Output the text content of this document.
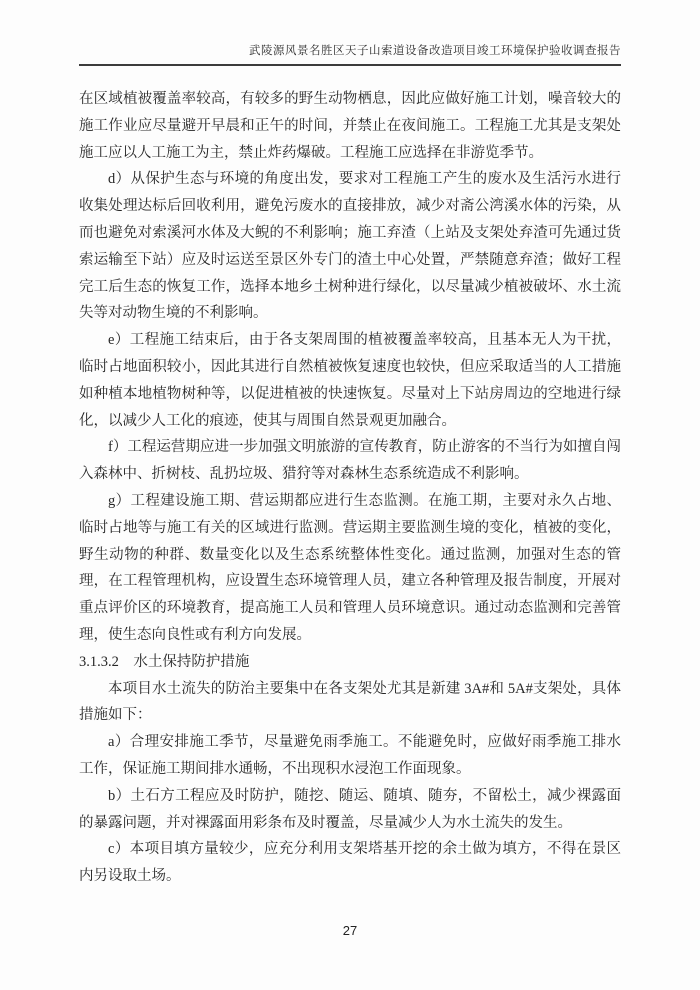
武陵源风景名胜区天子山索道设备改造项目竣工环境保护验收调查报告

在区域植被覆盖率较高，有较多的野生动物栖息，因此应做好施工计划，噪音较大的施工作业应尽量避开早晨和正午的时间，并禁止在夜间施工。工程施工尤其是支架处施工应以人工施工为主，禁止炸药爆破。工程施工应选择在非游览季节。

d）从保护生态与环境的角度出发，要求对工程施工产生的废水及生活污水进行收集处理达标后回收利用，避免污废水的直接排放，减少对斋公湾溪水体的污染，从而也避免对索溪河水体及大鲵的不利影响；施工弃渣（上站及支架处弃渣可先通过货索运输至下站）应及时运送至景区外专门的渣土中心处置，严禁随意弃渣；做好工程完工后生态的恢复工作，选择本地乡土树种进行绿化，以尽量减少植被破坏、水土流失等对动物生境的不利影响。

e）工程施工结束后，由于各支架周围的植被覆盖率较高，且基本无人为干扰，临时占地面积较小，因此其进行自然植被恢复速度也较快，但应采取适当的人工措施如种植本地植物树种等，以促进植被的快速恢复。尽量对上下站房周边的空地进行绿化，以减少人工化的痕迹，使其与周围自然景观更加融合。

f）工程运营期应进一步加强文明旅游的宣传教育，防止游客的不当行为如擅自闯入森林中、折树枝、乱扔垃圾、猎狩等对森林生态系统造成不利影响。

g）工程建设施工期、营运期都应进行生态监测。在施工期，主要对永久占地、临时占地等与施工有关的区域进行监测。营运期主要监测生境的变化，植被的变化，野生动物的种群、数量变化以及生态系统整体性变化。通过监测，加强对生态的管理，在工程管理机构，应设置生态环境管理人员，建立各种管理及报告制度，开展对重点评价区的环境教育，提高施工人员和管理人员环境意识。通过动态监测和完善管理，使生态向良性或有利方向发展。

3.1.3.2　水土保持防护措施

本项目水土流失的防治主要集中在各支架处尤其是新建 3A#和 5A#支架处，具体措施如下：

a）合理安排施工季节，尽量避免雨季施工。不能避免时，应做好雨季施工排水工作，保证施工期间排水通畅，不出现积水浸泡工作面现象。

b）土石方工程应及时防护，随挖、随运、随填、随夯，不留松土，减少裸露面的暴露问题，并对裸露面用彩条布及时覆盖，尽量减少人为水土流失的发生。

c）本项目填方量较少，应充分利用支架塔基开挖的余土做为填方，不得在景区内另设取土场。

27
